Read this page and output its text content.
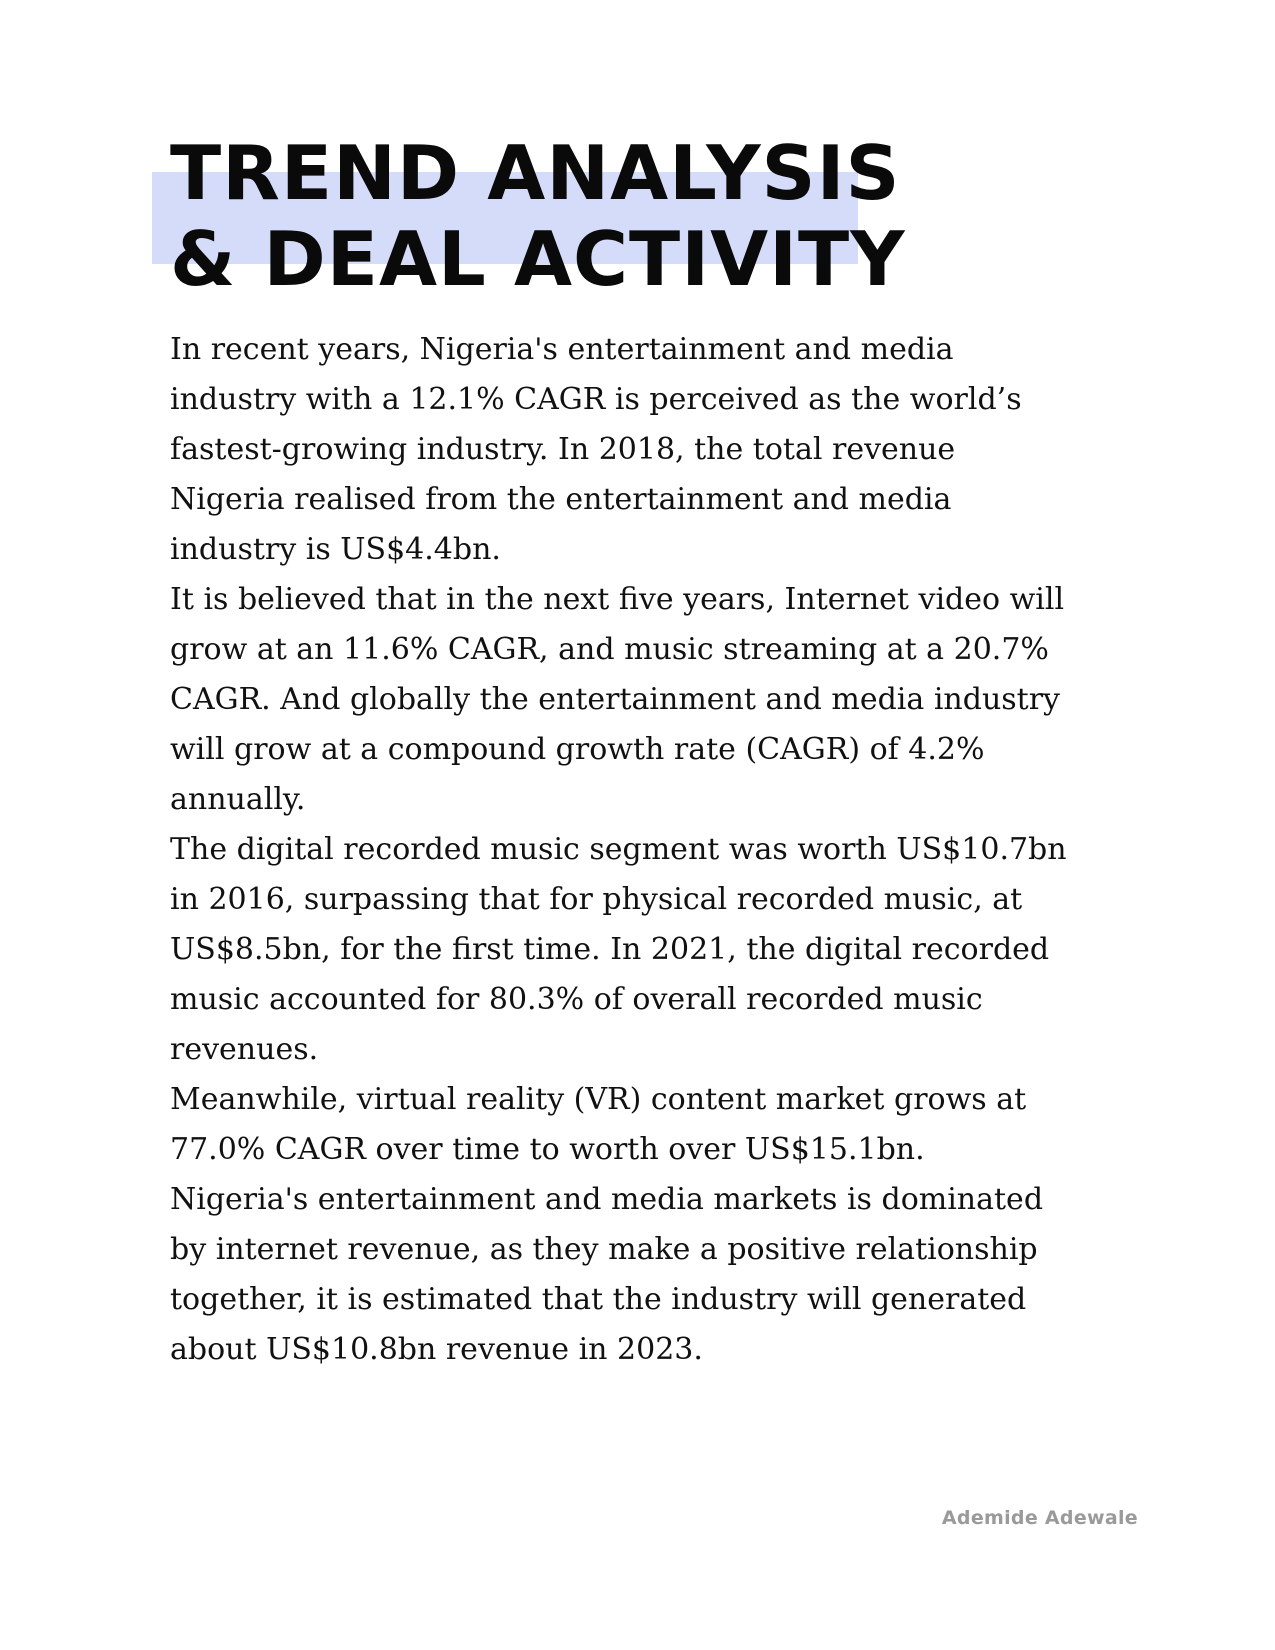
TREND ANALYSIS
& DEAL ACTIVITY

In recent years, Nigeria's entertainment and media industry with a 12.1% CAGR is perceived as the world’s fastest-growing industry. In 2018, the total revenue Nigeria realised from the entertainment and media industry is US$4.4bn.

It is believed that in the next five years, Internet video will grow at an 11.6% CAGR, and music streaming at a 20.7% CAGR. And globally the entertainment and media industry will grow at a compound growth rate (CAGR) of 4.2% annually.

The digital recorded music segment was worth US$10.7bn in 2016, surpassing that for physical recorded music, at US$8.5bn, for the first time. In 2021, the digital recorded music accounted for 80.3% of overall recorded music revenues.

Meanwhile, virtual reality (VR) content market grows at 77.0% CAGR over time to worth over US$15.1bn.

Nigeria's entertainment and media markets is dominated by internet revenue, as they make a positive relationship together, it is estimated that the industry will generated about US$10.8bn revenue in 2023.

Ademide Adewale
